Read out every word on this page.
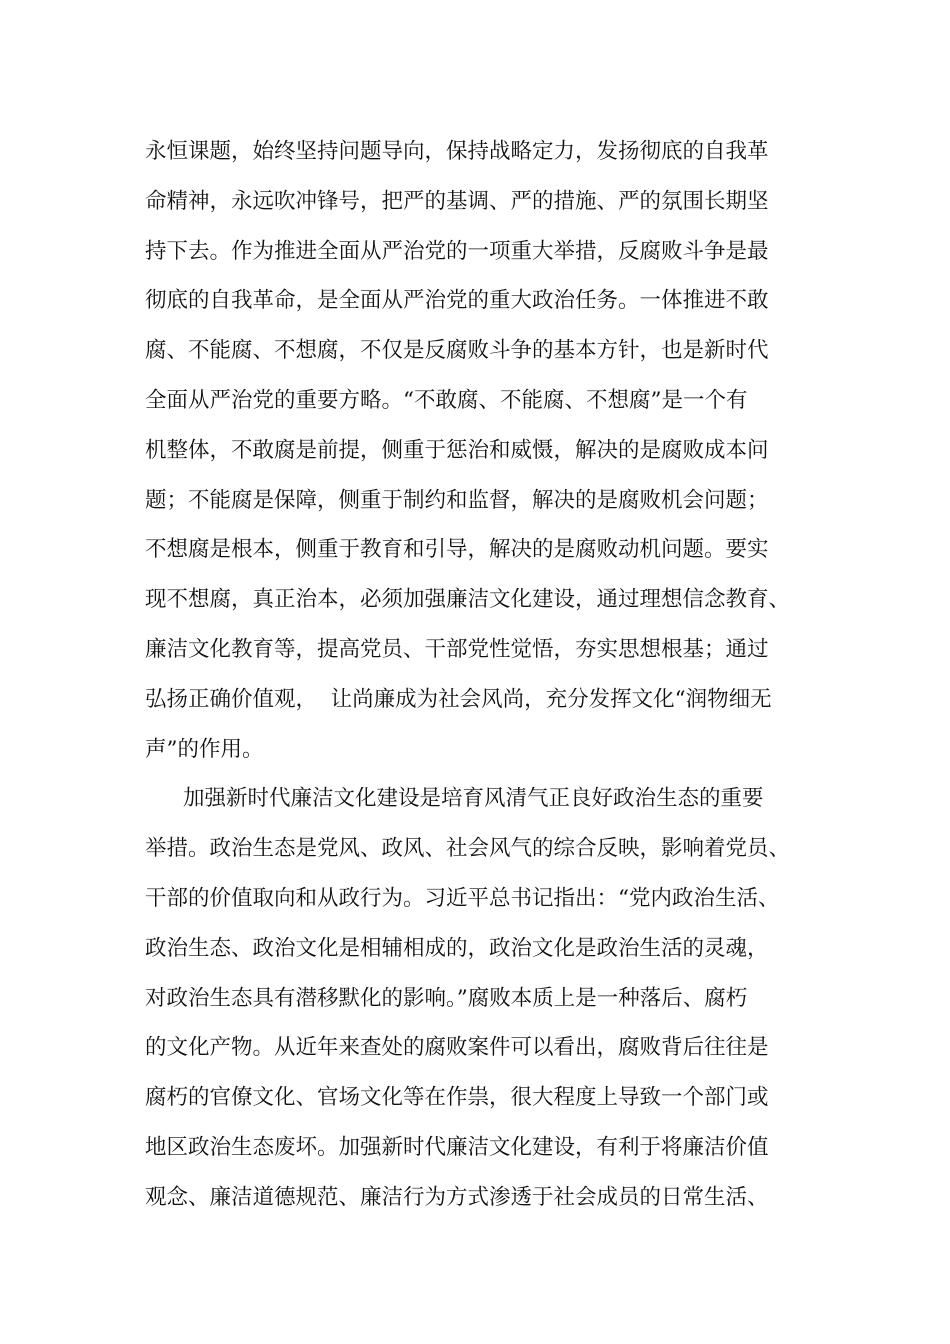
永恒课题，始终坚持问题导向，保持战略定力，发扬彻底的自我革
命精神，永远吹冲锋号，把严的基调、严的措施、严的氛围长期坚
持下去。作为推进全面从严治党的一项重大举措，反腐败斗争是最
彻底的自我革命，是全面从严治党的重大政治任务。一体推进不敢
腐、不能腐、不想腐，不仅是反腐败斗争的基本方针，也是新时代
全面从严治党的重要方略。“不敢腐、不能腐、不想腐”是一个有
机整体，不敢腐是前提，侧重于惩治和威慑，解决的是腐败成本问
题；不能腐是保障，侧重于制约和监督，解决的是腐败机会问题；
不想腐是根本，侧重于教育和引导，解决的是腐败动机问题。要实
现不想腐，真正治本，必须加强廉洁文化建设，通过理想信念教育、
廉洁文化教育等，提高党员、干部党性觉悟，夯实思想根基；通过
弘扬正确价值观，  让尚廉成为社会风尚，充分发挥文化“润物细无
声”的作用。
加强新时代廉洁文化建设是培育风清气正良好政治生态的重要
举措。政治生态是党风、政风、社会风气的综合反映，影响着党员、
干部的价值取向和从政行为。习近平总书记指出：“党内政治生活、
政治生态、政治文化是相辅相成的，政治文化是政治生活的灵魂，
对政治生态具有潜移默化的影响。”腐败本质上是一种落后、腐朽
的文化产物。从近年来查处的腐败案件可以看出，腐败背后往往是
腐朽的官僚文化、官场文化等在作祟，很大程度上导致一个部门或
地区政治生态废坏。加强新时代廉洁文化建设，有利于将廉洁价值
观念、廉洁道德规范、廉洁行为方式渗透于社会成员的日常生活、
